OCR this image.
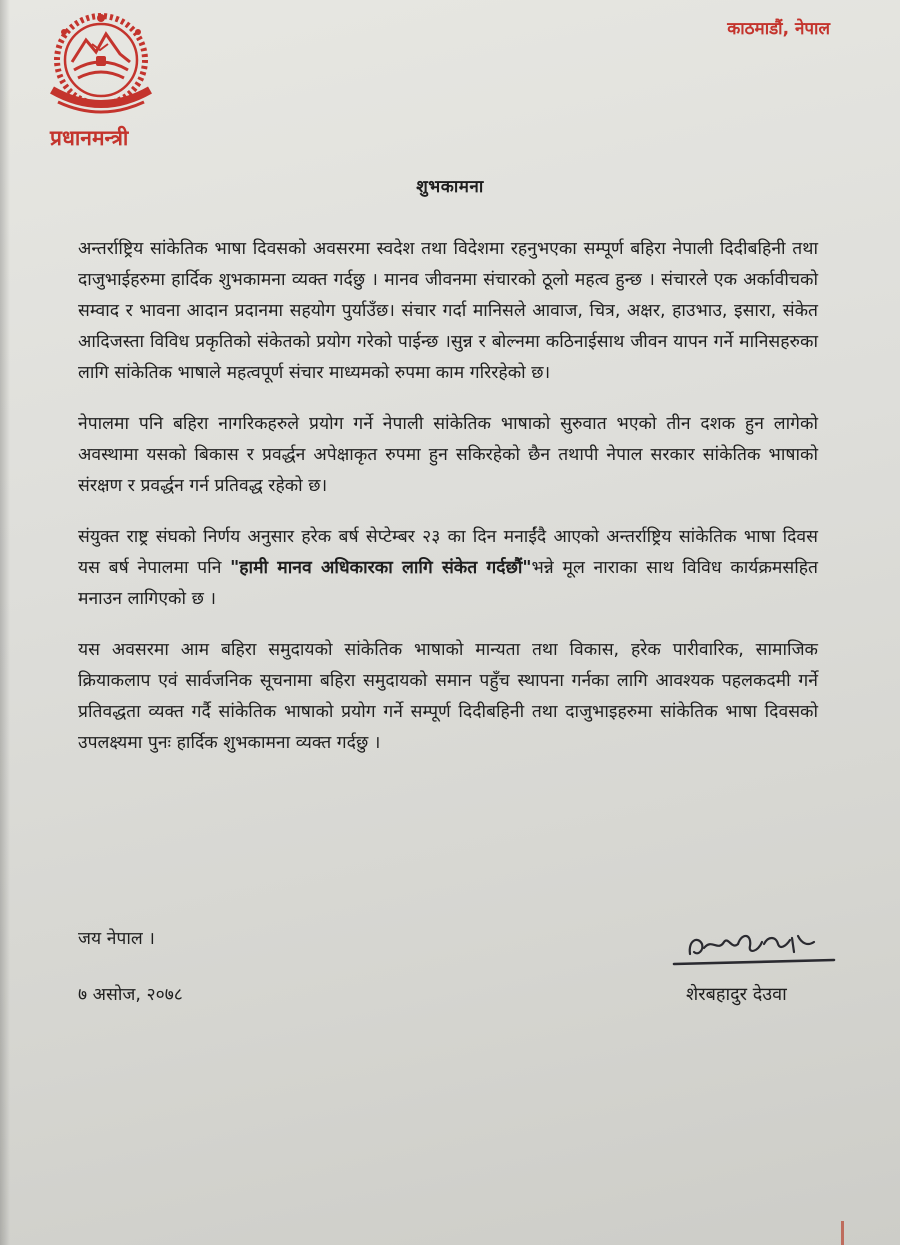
प्रधानमन्त्री
काठमाडौं, नेपाल
शुभकामना

अन्तर्राष्ट्रिय सांकेतिक भाषा दिवसको अवसरमा स्वदेश तथा विदेशमा रहनुभएका सम्पूर्ण बहिरा नेपाली दिदीबहिनी तथा दाजुभाईहरुमा हार्दिक शुभकामना व्यक्त गर्दछु । मानव जीवनमा संचारको ठूलो महत्व हुन्छ । संचारले एक अर्कावीचको सम्वाद र भावना आदान प्रदानमा सहयोग पुर्याउँछ। संचार गर्दा मानिसले आवाज, चित्र, अक्षर, हाउभाउ, इसारा, संकेत आदिजस्ता विविध प्रकृतिको संकेतको प्रयोग गरेको पाईन्छ ।सुन्न र बोल्नमा कठिनाईसाथ जीवन यापन गर्ने मानिसहरुका लागि सांकेतिक भाषाले महत्वपूर्ण संचार माध्यमको रुपमा काम गरिरहेको छ।

नेपालमा पनि बहिरा नागरिकहरुले प्रयोग गर्ने नेपाली सांकेतिक भाषाको सुरुवात भएको तीन दशक हुन लागेको अवस्थामा यसको बिकास र प्रवर्द्धन अपेक्षाकृत रुपमा हुन सकिरहेको छैन तथापी नेपाल सरकार सांकेतिक भाषाको संरक्षण र प्रवर्द्धन गर्न प्रतिवद्ध रहेको छ।

संयुक्त राष्ट्र संघको निर्णय अनुसार हरेक बर्ष सेप्टेम्बर २३ का दिन मनाईंदै आएको अन्तर्राष्ट्रिय सांकेतिक भाषा दिवस यस बर्ष नेपालमा पनि "हामी मानव अधिकारका लागि संकेत गर्दछौं"भन्ने मूल नाराका साथ विविध कार्यक्रमसहित मनाउन लागिएको छ ।

यस अवसरमा आम बहिरा समुदायको सांकेतिक भाषाको मान्यता तथा विकास, हरेक पारीवारिक, सामाजिक क्रियाकलाप एवं सार्वजनिक सूचनामा बहिरा समुदायको समान पहुँच स्थापना गर्नका लागि आवश्यक पहलकदमी गर्ने प्रतिवद्धता व्यक्त गर्दै सांकेतिक भाषाको प्रयोग गर्ने सम्पूर्ण दिदीबहिनी तथा दाजुभाइहरुमा सांकेतिक भाषा दिवसको उपलक्ष्यमा पुनः हार्दिक शुभकामना व्यक्त गर्दछु ।

जय नेपाल ।
७ असोज, २०७८	शेरबहादुर देउवा
